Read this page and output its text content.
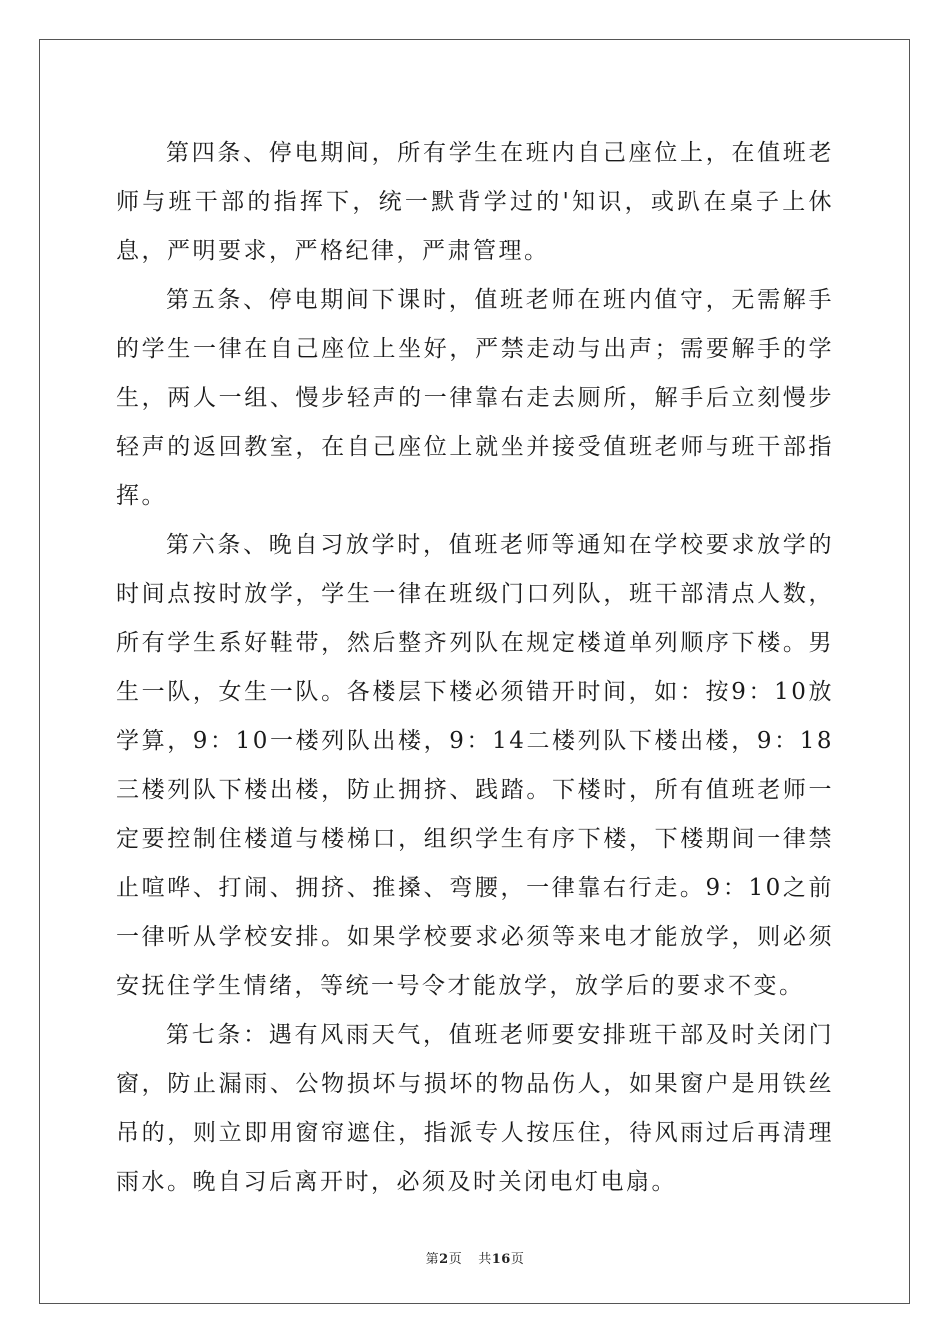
第四条、停电期间，所有学生在班内自己座位上，在值班老师与班干部的指挥下，统一默背学过的'知识，或趴在桌子上休息，严明要求，严格纪律，严肃管理。

第五条、停电期间下课时，值班老师在班内值守，无需解手的学生一律在自己座位上坐好，严禁走动与出声；需要解手的学生，两人一组、慢步轻声的一律靠右走去厕所，解手后立刻慢步轻声的返回教室，在自己座位上就坐并接受值班老师与班干部指挥。

第六条、晚自习放学时，值班老师等通知在学校要求放学的时间点按时放学，学生一律在班级门口列队，班干部清点人数，所有学生系好鞋带，然后整齐列队在规定楼道单列顺序下楼。男生一队，女生一队。各楼层下楼必须错开时间，如：按9：10放学算，9：10一楼列队出楼，9：14二楼列队下楼出楼，9：18三楼列队下楼出楼，防止拥挤、践踏。下楼时，所有值班老师一定要控制住楼道与楼梯口，组织学生有序下楼，下楼期间一律禁止喧哗、打闹、拥挤、推搡、弯腰，一律靠右行走。9：10之前一律听从学校安排。如果学校要求必须等来电才能放学，则必须安抚住学生情绪，等统一号令才能放学，放学后的要求不变。

第七条：遇有风雨天气，值班老师要安排班干部及时关闭门窗，防止漏雨、公物损坏与损坏的物品伤人，如果窗户是用铁丝吊的，则立即用窗帘遮住，指派专人按压住，待风雨过后再清理雨水。晚自习后离开时，必须及时关闭电灯电扇。

第2页 共16页
